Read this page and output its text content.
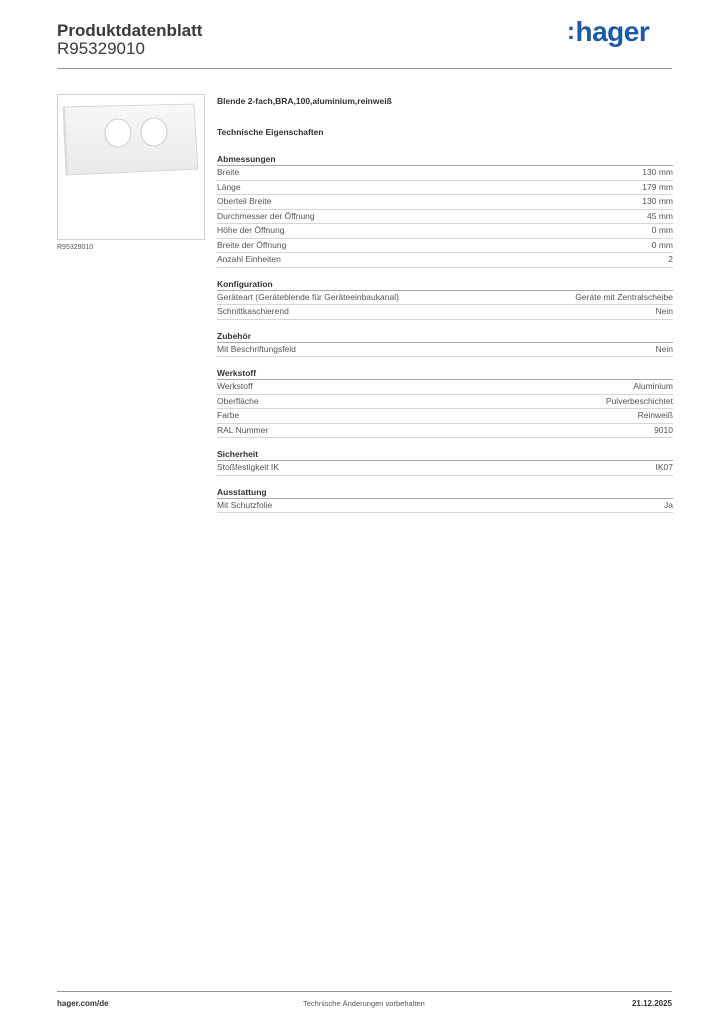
Produktdatenblatt
R95329010
:hager
R95329010
Blende 2-fach,BRA,100,aluminium,reinweiß
Technische Eigenschaften
Abmessungen
Breite	130 mm
Länge	179 mm
Oberteil Breite	130 mm
Durchmesser der Öffnung	45 mm
Höhe der Öffnung	0 mm
Breite der Öffnung	0 mm
Anzahl Einheiten	2
Konfiguration
Geräteart (Geräteblende für Geräteeinbaukanal)	Geräte mit Zentralscheibe
Schnittkaschierend	Nein
Zubehör
Mit Beschriftungsfeld	Nein
Werkstoff
Werkstoff	Aluminium
Oberfläche	Pulverbeschichtet
Farbe	Reinweiß
RAL Nummer	9010
Sicherheit
Stoßfestigkeit IK	IK07
Ausstattung
Mit Schutzfolie	Ja
hager.com/de	Technische Änderungen vorbehalten	21.12.2025
